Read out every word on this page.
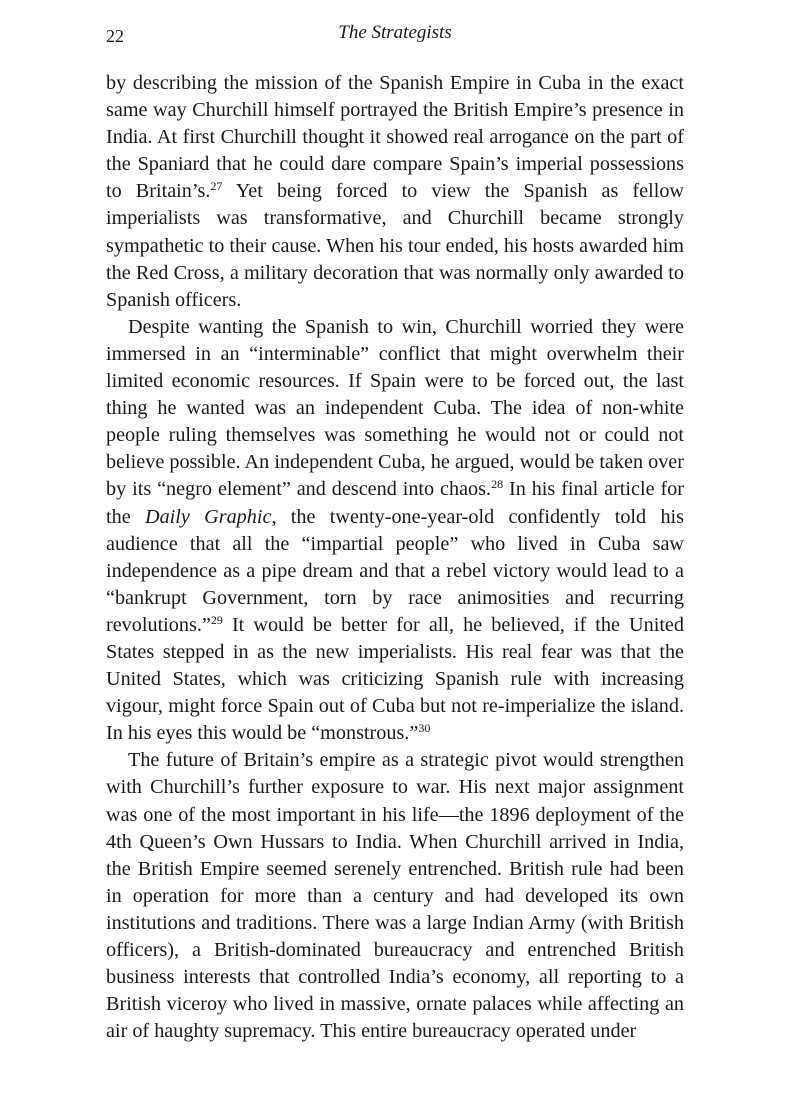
22	The Strategists

by describing the mission of the Spanish Empire in Cuba in the exact same way Churchill himself portrayed the British Empire’s presence in India. At first Churchill thought it showed real arrogance on the part of the Spaniard that he could dare compare Spain’s imperial possessions to Britain’s.$^{27}$ Yet being forced to view the Spanish as fellow imperialists was transformative, and Churchill became strongly sympathetic to their cause. When his tour ended, his hosts awarded him the Red Cross, a military decoration that was normally only awarded to Spanish officers.

Despite wanting the Spanish to win, Churchill worried they were immersed in an “interminable” conflict that might overwhelm their limited economic resources. If Spain were to be forced out, the last thing he wanted was an independent Cuba. The idea of non-white people ruling themselves was something he would not or could not believe possible. An independent Cuba, he argued, would be taken over by its “negro element” and descend into chaos.$^{28}$ In his final article for the Daily Graphic, the twenty-one-year-old confidently told his audience that all the “impartial people” who lived in Cuba saw independence as a pipe dream and that a rebel victory would lead to a “bankrupt Government, torn by race animosities and recurring revolutions.”$^{29}$ It would be better for all, he believed, if the United States stepped in as the new imperialists. His real fear was that the United States, which was criticizing Spanish rule with increasing vigour, might force Spain out of Cuba but not re-imperialize the island. In his eyes this would be “monstrous.”$^{30}$

The future of Britain’s empire as a strategic pivot would strengthen with Churchill’s further exposure to war. His next major assignment was one of the most important in his life—the 1896 deployment of the 4th Queen’s Own Hussars to India. When Churchill arrived in India, the British Empire seemed serenely entrenched. British rule had been in operation for more than a century and had developed its own institutions and traditions. There was a large Indian Army (with British officers), a British-dominated bureaucracy and entrenched British business interests that controlled India’s economy, all reporting to a British viceroy who lived in massive, ornate palaces while affecting an air of haughty supremacy. This entire bureaucracy operated under
